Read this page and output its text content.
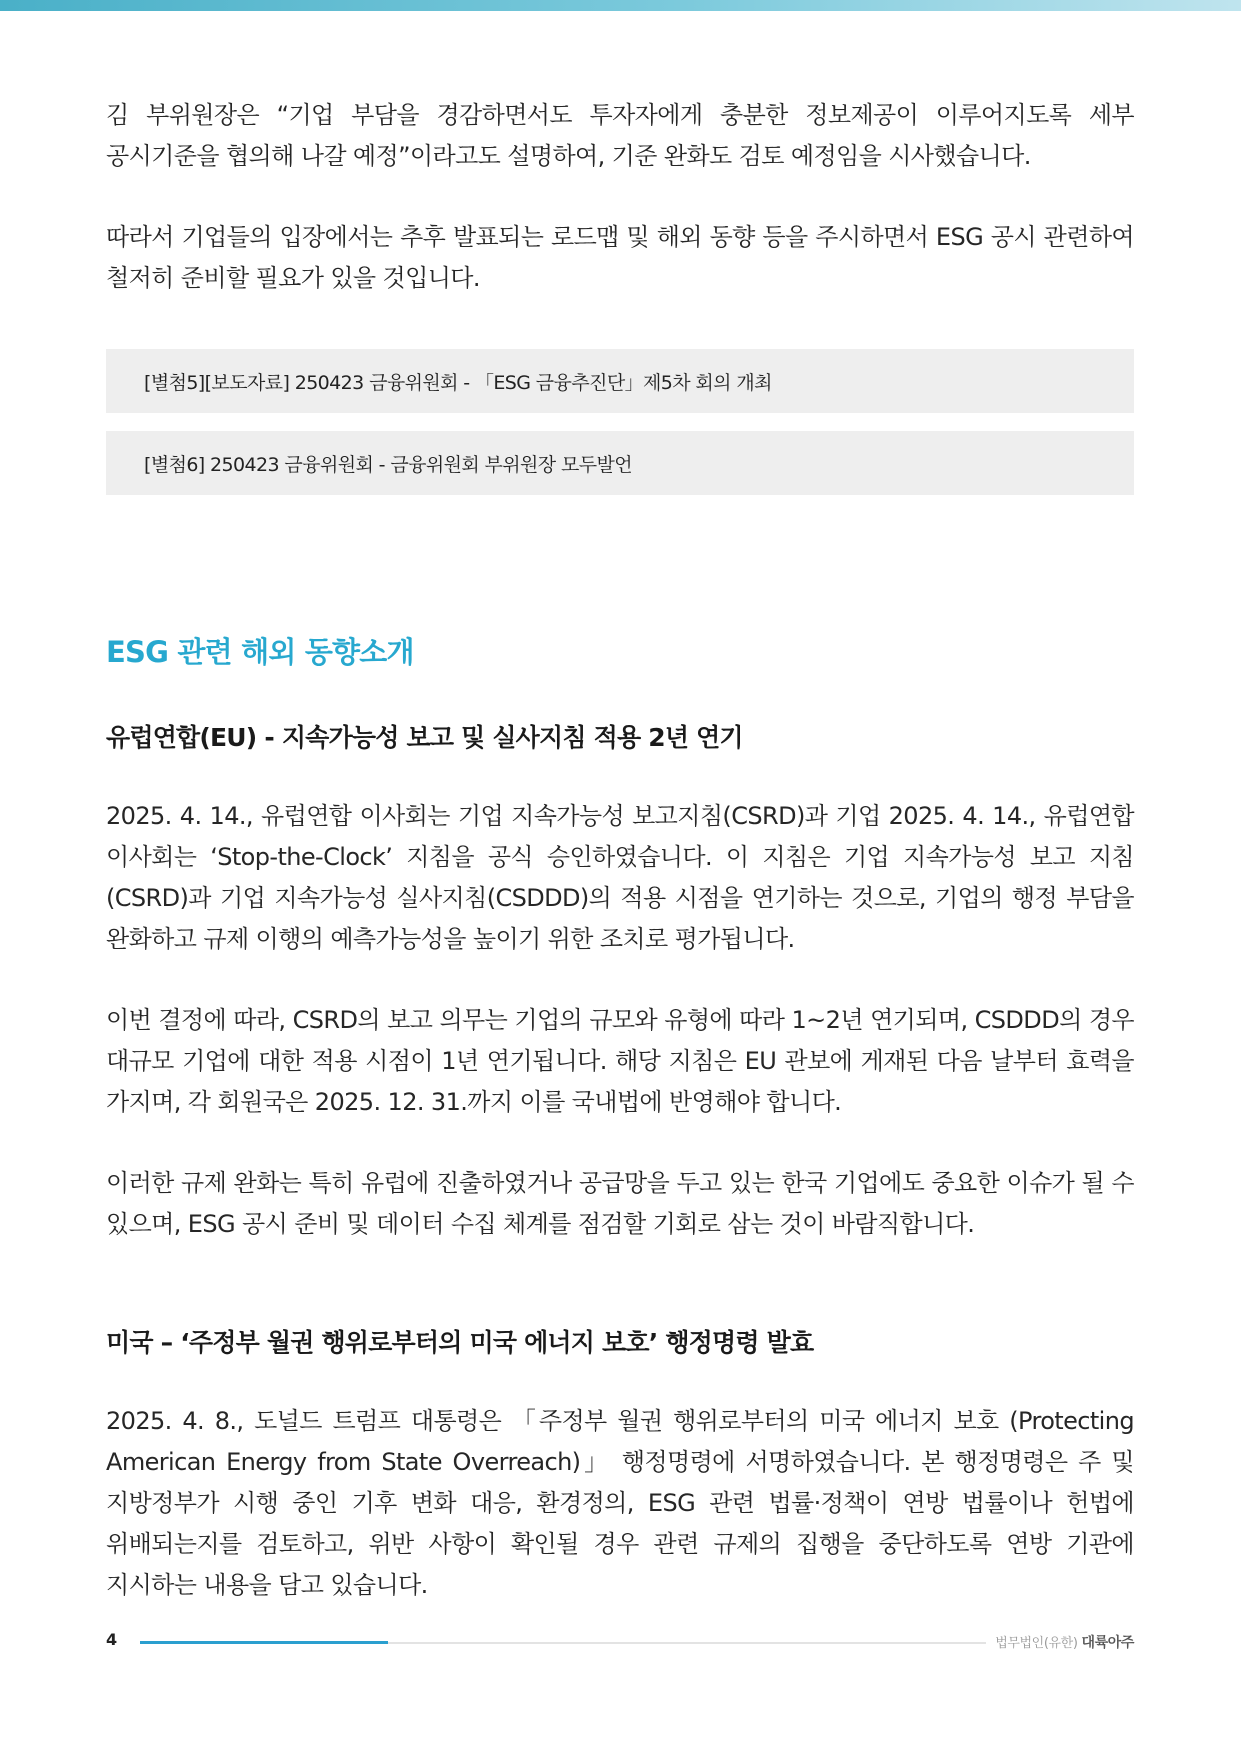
김 부위원장은 “기업 부담을 경감하면서도 투자자에게 충분한 정보제공이 이루어지도록 세부 공시기준을 협의해 나갈 예정”이라고도 설명하여, 기준 완화도 검토 예정임을 시사했습니다.

따라서 기업들의 입장에서는 추후 발표되는 로드맵 및 해외 동향 등을 주시하면서 ESG 공시 관련하여 철저히 준비할 필요가 있을 것입니다.

[별첨5][보도자료] 250423 금융위원회 - 「ESG 금융추진단」제5차 회의 개최
[별첨6] 250423 금융위원회 - 금융위원회 부위원장 모두발언
ESG 관련 해외 동향소개
유럽연합(EU) - 지속가능성 보고 및 실사지침 적용 2년 연기

2025. 4. 14., 유럽연합 이사회는 기업 지속가능성 보고지침(CSRD)과 기업 2025. 4. 14., 유럽연합 이사회는 ‘Stop-the-Clock’ 지침을 공식 승인하였습니다. 이 지침은 기업 지속가능성 보고 지침(CSRD)과 기업 지속가능성 실사지침(CSDDD)의 적용 시점을 연기하는 것으로, 기업의 행정 부담을 완화하고 규제 이행의 예측가능성을 높이기 위한 조치로 평가됩니다.

이번 결정에 따라, CSRD의 보고 의무는 기업의 규모와 유형에 따라 1~2년 연기되며, CSDDD의 경우 대규모 기업에 대한 적용 시점이 1년 연기됩니다. 해당 지침은 EU 관보에 게재된 다음 날부터 효력을 가지며, 각 회원국은 2025. 12. 31.까지 이를 국내법에 반영해야 합니다.

이러한 규제 완화는 특히 유럽에 진출하였거나 공급망을 두고 있는 한국 기업에도 중요한 이슈가 될 수 있으며, ESG 공시 준비 및 데이터 수집 체계를 점검할 기회로 삼는 것이 바람직합니다.

미국 – ‘주정부 월권 행위로부터의 미국 에너지 보호’ 행정명령 발효

2025. 4. 8., 도널드 트럼프 대통령은 「주정부 월권 행위로부터의 미국 에너지 보호 (Protecting American Energy from State Overreach)」 행정명령에 서명하였습니다. 본 행정명령은 주 및 지방정부가 시행 중인 기후 변화 대응, 환경정의, ESG 관련 법률·정책이 연방 법률이나 헌법에 위배되는지를 검토하고, 위반 사항이 확인될 경우 관련 규제의 집행을 중단하도록 연방 기관에 지시하는 내용을 담고 있습니다.

4	법무법인(유한) 대륙아주
